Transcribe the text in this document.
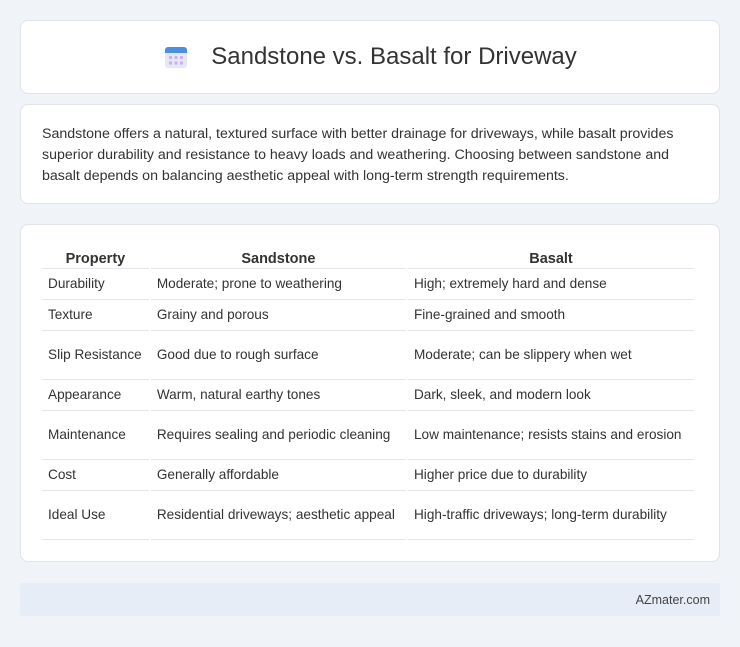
Sandstone vs. Basalt for Driveway

Sandstone offers a natural, textured surface with better drainage for driveways, while basalt provides superior durability and resistance to heavy loads and weathering. Choosing between sandstone and basalt depends on balancing aesthetic appeal with long-term strength requirements.

Property	Sandstone	Basalt
Durability	Moderate; prone to weathering	High; extremely hard and dense
Texture	Grainy and porous	Fine-grained and smooth
Slip Resistance	Good due to rough surface	Moderate; can be slippery when wet
Appearance	Warm, natural earthy tones	Dark, sleek, and modern look
Maintenance	Requires sealing and periodic cleaning	Low maintenance; resists stains and erosion
Cost	Generally affordable	Higher price due to durability
Ideal Use	Residential driveways; aesthetic appeal	High-traffic driveways; long-term durability
AZmater.com
